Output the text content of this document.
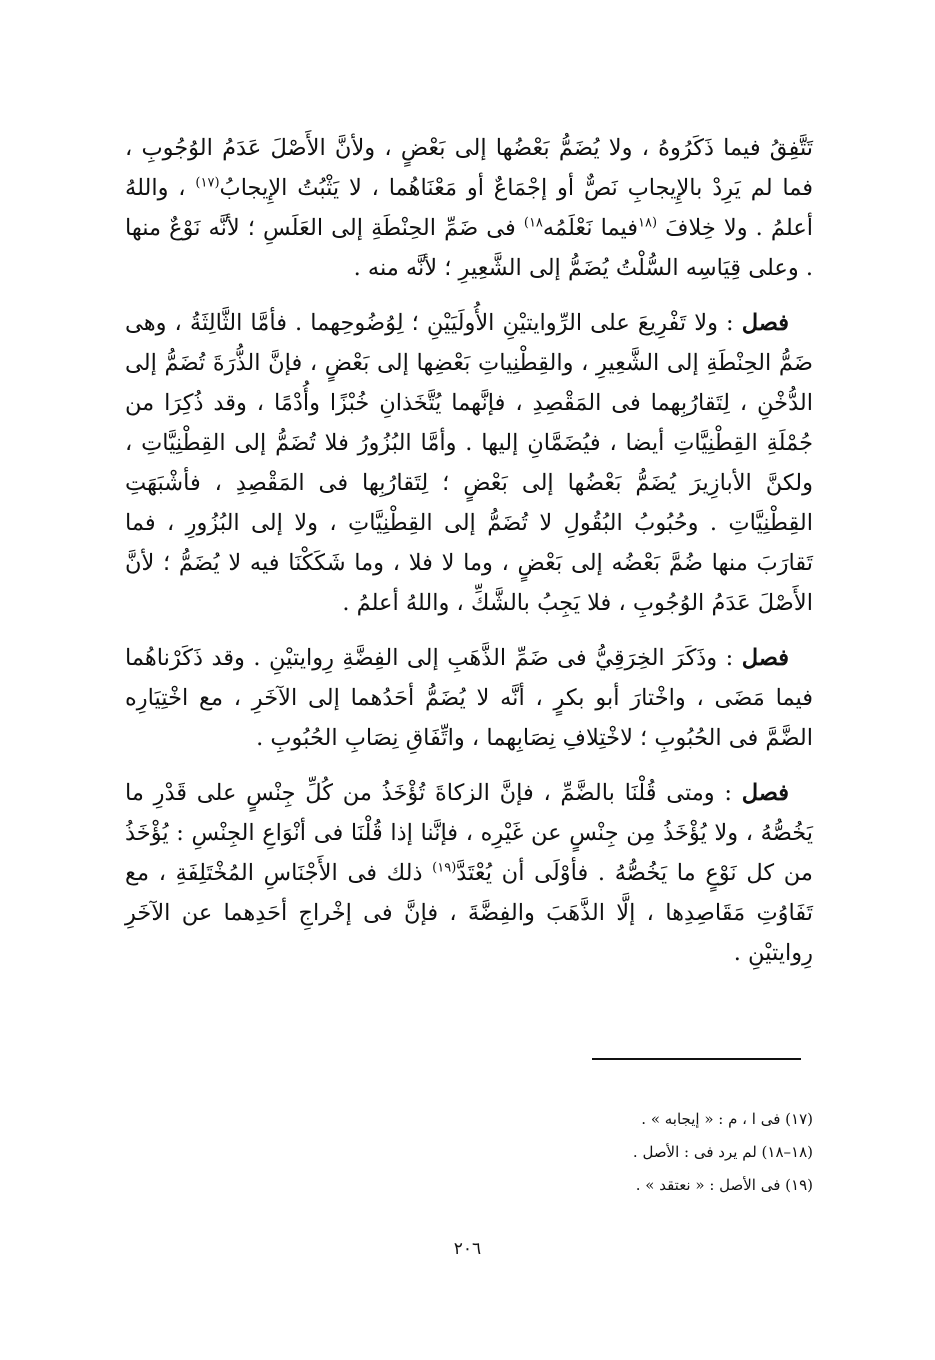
تَتَّفِقُ فيما ذَكَرُوهُ ، ولا يُضَمُّ بَعْضُها إلى بَعْضٍ ، ولأنَّ الأَصْلَ عَدَمُ الوُجُوبِ ، فما لم يَرِدْ بالإِيجابِ نَصٌّ أو إجْمَاعٌ أو مَعْنَاهُما ، لا يَثْبُتُ الإِيجابُ$^{(١٧)}$ ، واللهُ أعلمُ . ولا خِلافَ $^{(١٨}$فيما نَعْلَمُه$^{١٨)}$ فى ضَمِّ الحِنْطَةِ إلى العَلَسِ ؛ لأنَّه نَوْعٌ منها . وعلى قِيَاسِه السُّلْتُ يُضَمُّ إلى الشَّعِيرِ ؛ لأنَّه منه .

فصل : ولا تَفْرِيعَ على الرِّوايتيْنِ الأُولَيَيْنِ ؛ لِوُضُوحِهما . فأمَّا الثَّالِثَةُ ، وهى ضَمُّ الحِنْطَةِ إلى الشَّعِيرِ ، والقِطْنِياتِ بَعْضِها إلى بَعْضٍ ، فإنَّ الذُّرَةَ تُضَمُّ إلى الدُّخْنِ ، لِتَقارُبِهما فى المَقْصِدِ ، فإنَّهما يُتَّخَذانِ خُبْزًا وأُدْمًا ، وقد ذُكِرَا من جُمْلَةِ القِطْنِيَّاتِ أيضا ، فيُضَمَّانِ إليها . وأمَّا البُزُورُ فلا تُضَمُّ إلى القِطْنِيَّاتِ ، ولكنَّ الأبازِيرَ يُضَمُّ بَعْضُها إلى بَعْضٍ ؛ لِتَقارُبِها فى المَقْصِدِ ، فأشْبَهَتِ القِطْنِيَّاتِ . وحُبُوبُ البُقُولِ لا تُضَمُّ إلى القِطْنِيَّاتِ ، ولا إلى البُزُورِ ، فما تَقارَبَ منها ضُمَّ بَعْضُه إلى بَعْضٍ ، وما لا فلا ، وما شَكَكْنَا فيه لا يُضَمُّ ؛ لأنَّ الأَصْلَ عَدَمُ الوُجُوبِ ، فلا يَجِبُ بالشَّكِّ ، واللهُ أعلمُ .

فصل : وذَكَرَ الخِرَقِيُّ فى ضَمِّ الذَّهَبِ إلى الفِضَّةِ رِوايتيْنِ . وقد ذَكَرْناهُما فيما مَضَى ، واخْتارَ أبو بكرٍ ، أنَّه لا يُضَمُّ أحَدُهما إلى الآخَرِ ، مع اخْتِيَارِه الضَّمَّ فى الحُبُوبِ ؛ لاخْتِلافِ نِصَابِهما ، واتِّفَاقِ نِصَابِ الحُبُوبِ .

فصل : ومتى قُلْنَا بالضَّمِّ ، فإنَّ الزكاةَ تُؤْخَذُ من كُلِّ جِنْسٍ على قَدْرِ ما يَخُصُّهُ ، ولا يُؤْخَذُ مِن جِنْسٍ عن غَيْرِه ، فإنَّنا إذا قُلْنَا فى أنْوَاعِ الجِنْسِ : يُؤْخَذُ من كل نَوْعٍ ما يَخُصُّهُ . فأوْلَى أن يُعْتَدَّ$^{(١٩)}$ ذلك فى الأَجْنَاسِ المُخْتَلِفَةِ ، مع تَفَاوُتِ مَقَاصِدِها ، إلَّا الذَّهَبَ والفِضَّةَ ، فإنَّ فى إخْراجِ أحَدِهما عن الآخَرِ رِوايتيْنِ .

(١٧) فى ا ، م : « إيجابه » .

(١٨–١٨) لم يرد فى : الأصل .

(١٩) فى الأصل : « نعتقد » .

٢٠٦
